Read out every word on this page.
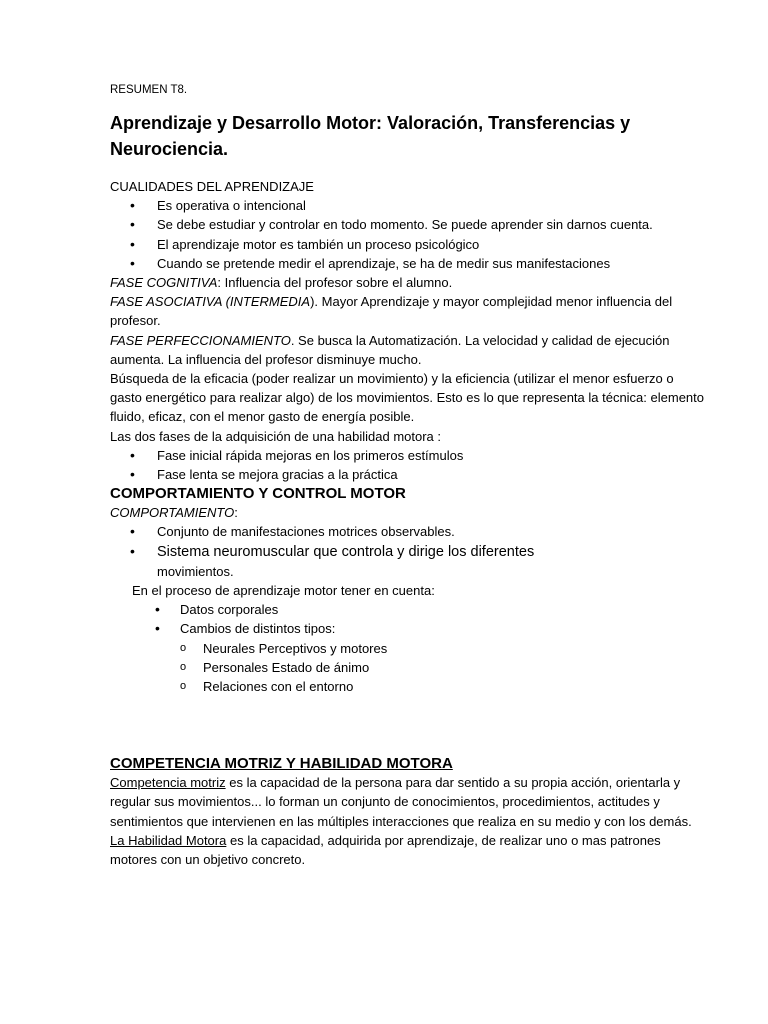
RESUMEN T8.
Aprendizaje y Desarrollo Motor: Valoración, Transferencias y Neurociencia.

CUALIDADES DEL APRENDIZAJE

• Es operativa o intencional
• Se debe estudiar y controlar en todo momento. Se puede aprender sin darnos cuenta.
• El aprendizaje motor es también un proceso psicológico
• Cuando se pretende medir el aprendizaje, se ha de medir sus manifestaciones

FASE COGNITIVA: Influencia del profesor sobre el alumno.

FASE ASOCIATIVA (INTERMEDIA). Mayor Aprendizaje y mayor complejidad menor influencia del profesor.

FASE PERFECCIONAMIENTO. Se busca la Automatización. La velocidad y calidad de ejecución aumenta. La influencia del profesor disminuye mucho.

Búsqueda de la eficacia (poder realizar un movimiento) y la eficiencia (utilizar el menor esfuerzo o gasto energético para realizar algo) de los movimientos. Esto es lo que representa la técnica: elemento fluido, eficaz, con el menor gasto de energía posible.

Las dos fases de la adquisición de una habilidad motora :

• Fase inicial rápida mejoras en los primeros estímulos
• Fase lenta se mejora gracias a la práctica

COMPORTAMIENTO Y CONTROL MOTOR

COMPORTAMIENTO:

• Conjunto de manifestaciones motrices observables.
• Sistema neuromuscular que controla y dirige los diferentes
movimientos.

En el proceso de aprendizaje motor tener en cuenta:

• Datos corporales
• Cambios de distintos tipos:
o Neurales Perceptivos y motores
o Personales Estado de ánimo
o Relaciones con el entorno

COMPETENCIA MOTRIZ Y HABILIDAD MOTORA

Competencia motriz es la capacidad de la persona para dar sentido a su propia acción, orientarla y regular sus movimientos... lo forman un conjunto de conocimientos, procedimientos, actitudes y sentimientos que intervienen en las múltiples interacciones que realiza en su medio y con los demás.

La Habilidad Motora es la capacidad, adquirida por aprendizaje, de realizar uno o mas patrones motores con un objetivo concreto.
